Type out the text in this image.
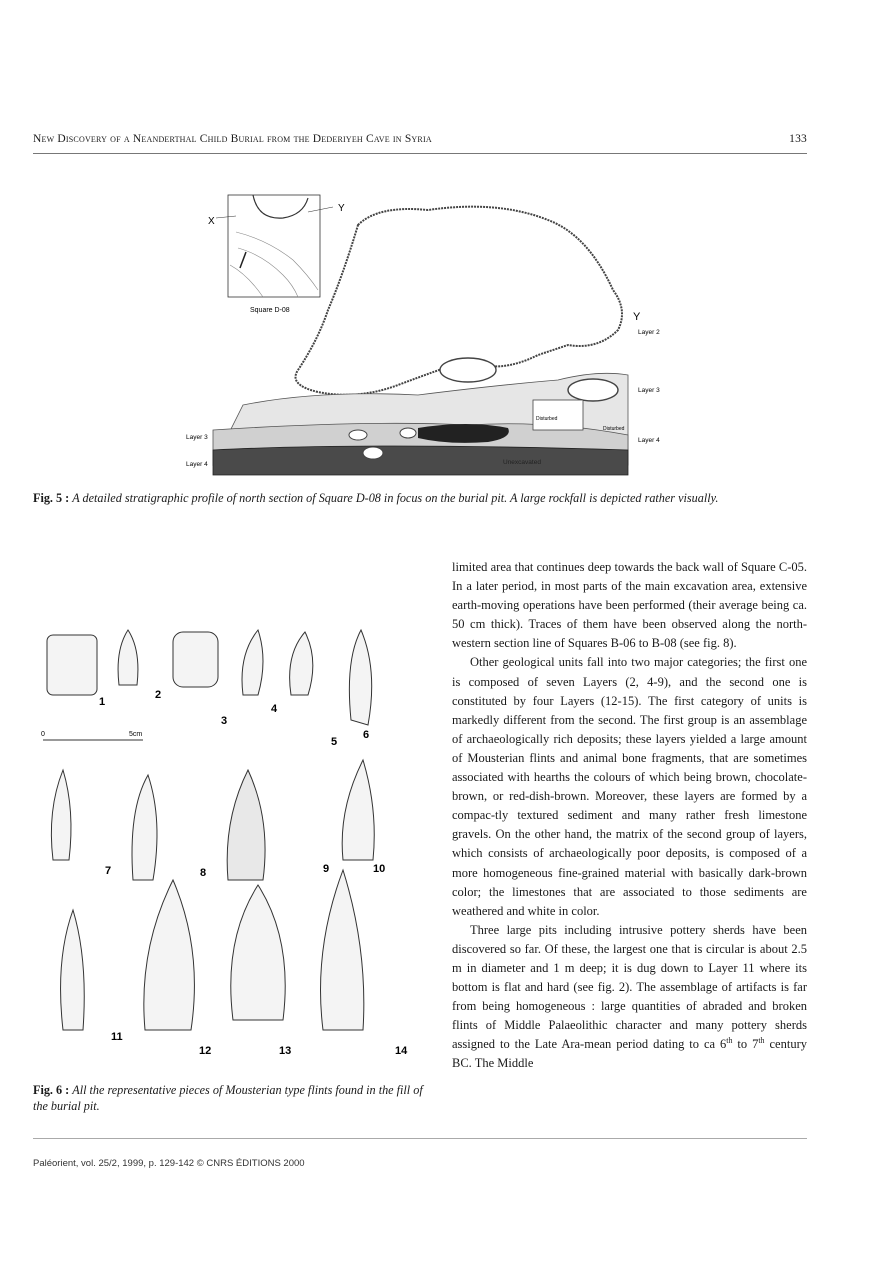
New Discovery of a Neanderthal Child Burial from the Dederiyeh Cave in Syria	133
X
Y
Square D-08
Y
Layer 2
Layer 3
Layer 4
Layer 3
Layer 4
Disturbed
Disturbed
Unexcavated
Fig. 5 : A detailed stratigraphic profile of north section of Square D-08 in focus on the burial pit. A large rockfall is depicted rather visually.
1
2
3
4
5
6
0	5cm
7	8	9	10
11
12	13	14
Fig. 6 : All the representative pieces of Mousterian type flints found in the fill of the burial pit.

limited area that continues deep towards the back wall of Square C-05. In a later period, in most parts of the main excavation area, extensive earth-moving operations have been performed (their average being ca. 50 cm thick). Traces of them have been observed along the north-western section line of Squares B-06 to B-08 (see fig. 8).

Other geological units fall into two major categories; the first one is composed of seven Layers (2, 4-9), and the second one is constituted by four Layers (12-15). The first category of units is markedly different from the second. The first group is an assemblage of archaeologically rich deposits; these layers yielded a large amount of Mousterian flints and animal bone fragments, that are sometimes associated with hearths the colours of which being brown, chocolate-brown, or red-dish-brown. Moreover, these layers are formed by a compac-tly textured sediment and many rather fresh limestone gravels. On the other hand, the matrix of the second group of layers, which consists of archaeologically poor deposits, is composed of a more homogeneous fine-grained material with basically dark-brown color; the limestones that are associated to those sediments are weathered and white in color.

Three large pits including intrusive pottery sherds have been discovered so far. Of these, the largest one that is circular is about 2.5 m in diameter and 1 m deep; it is dug down to Layer 11 where its bottom is flat and hard (see fig. 2). The assemblage of artifacts is far from being homogeneous : large quantities of abraded and broken flints of Middle Palaeolithic character and many pottery sherds assigned to the Late Ara-mean period dating to ca 6th to 7th century BC. The Middle

Paléorient, vol. 25/2, 1999, p. 129-142 © CNRS ÉDITIONS 2000
